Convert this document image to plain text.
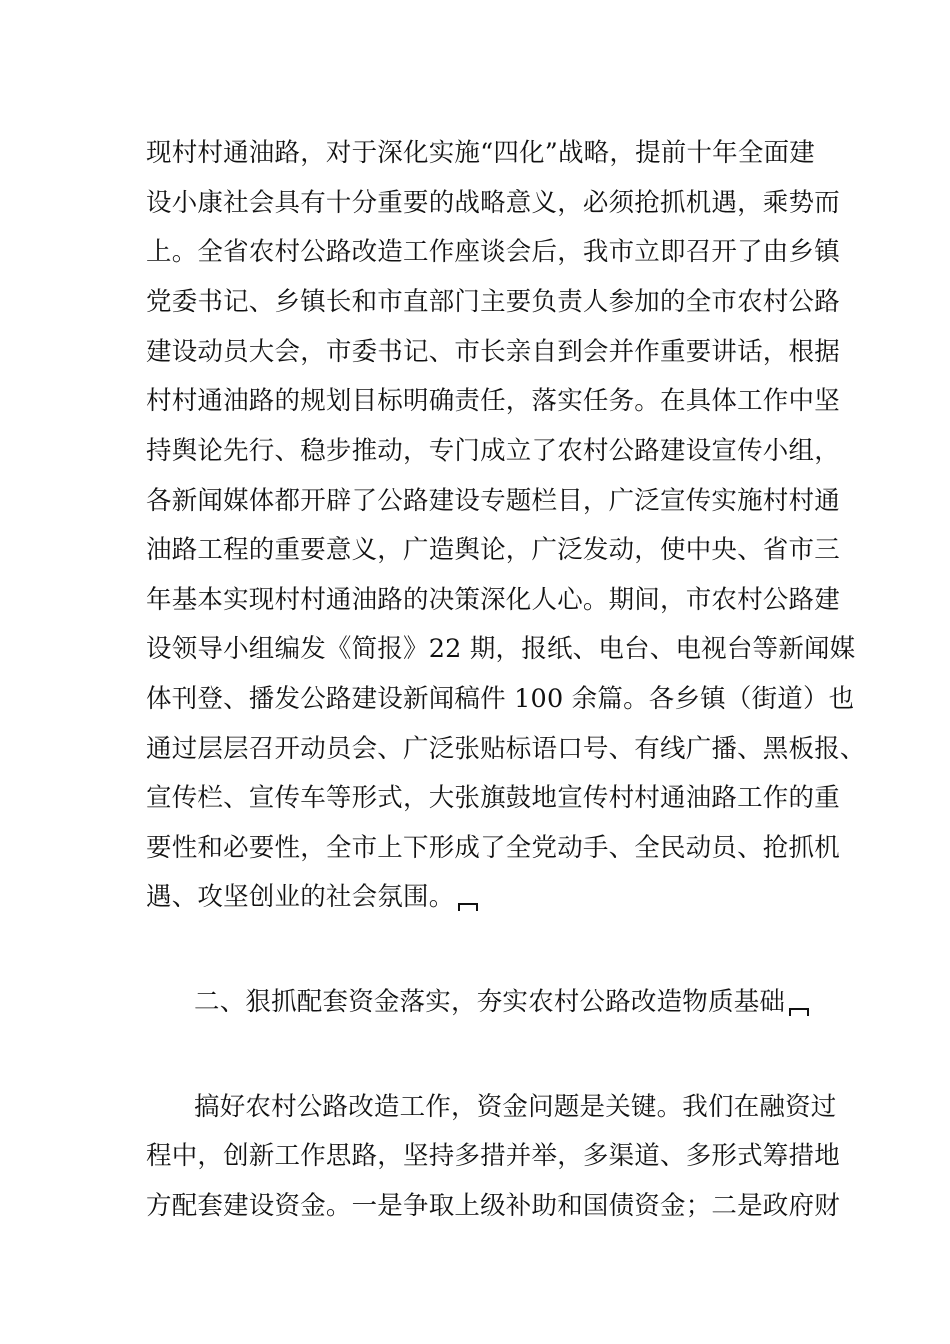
现村村通油路，对于深化实施“四化”战略，提前十年全面建
设小康社会具有十分重要的战略意义，必须抢抓机遇，乘势而
上。全省农村公路改造工作座谈会后，我市立即召开了由乡镇
党委书记、乡镇长和市直部门主要负责人参加的全市农村公路
建设动员大会，市委书记、市长亲自到会并作重要讲话，根据
村村通油路的规划目标明确责任，落实任务。在具体工作中坚
持舆论先行、稳步推动，专门成立了农村公路建设宣传小组，
各新闻媒体都开辟了公路建设专题栏目，广泛宣传实施村村通
油路工程的重要意义，广造舆论，广泛发动，使中央、省市三
年基本实现村村通油路的决策深化人心。期间，市农村公路建
设领导小组编发《简报》22 期，报纸、电台、电视台等新闻媒
体刊登、播发公路建设新闻稿件 100 余篇。各乡镇（街道）也
通过层层召开动员会、广泛张贴标语口号、有线广播、黑板报、
宣传栏、宣传车等形式，大张旗鼓地宣传村村通油路工作的重
要性和必要性，全市上下形成了全党动手、全民动员、抢抓机
遇、攻坚创业的社会氛围。
二、狠抓配套资金落实，夯实农村公路改造物质基础
搞好农村公路改造工作，资金问题是关键。我们在融资过
程中，创新工作思路，坚持多措并举，多渠道、多形式筹措地
方配套建设资金。一是争取上级补助和国债资金；二是政府财
